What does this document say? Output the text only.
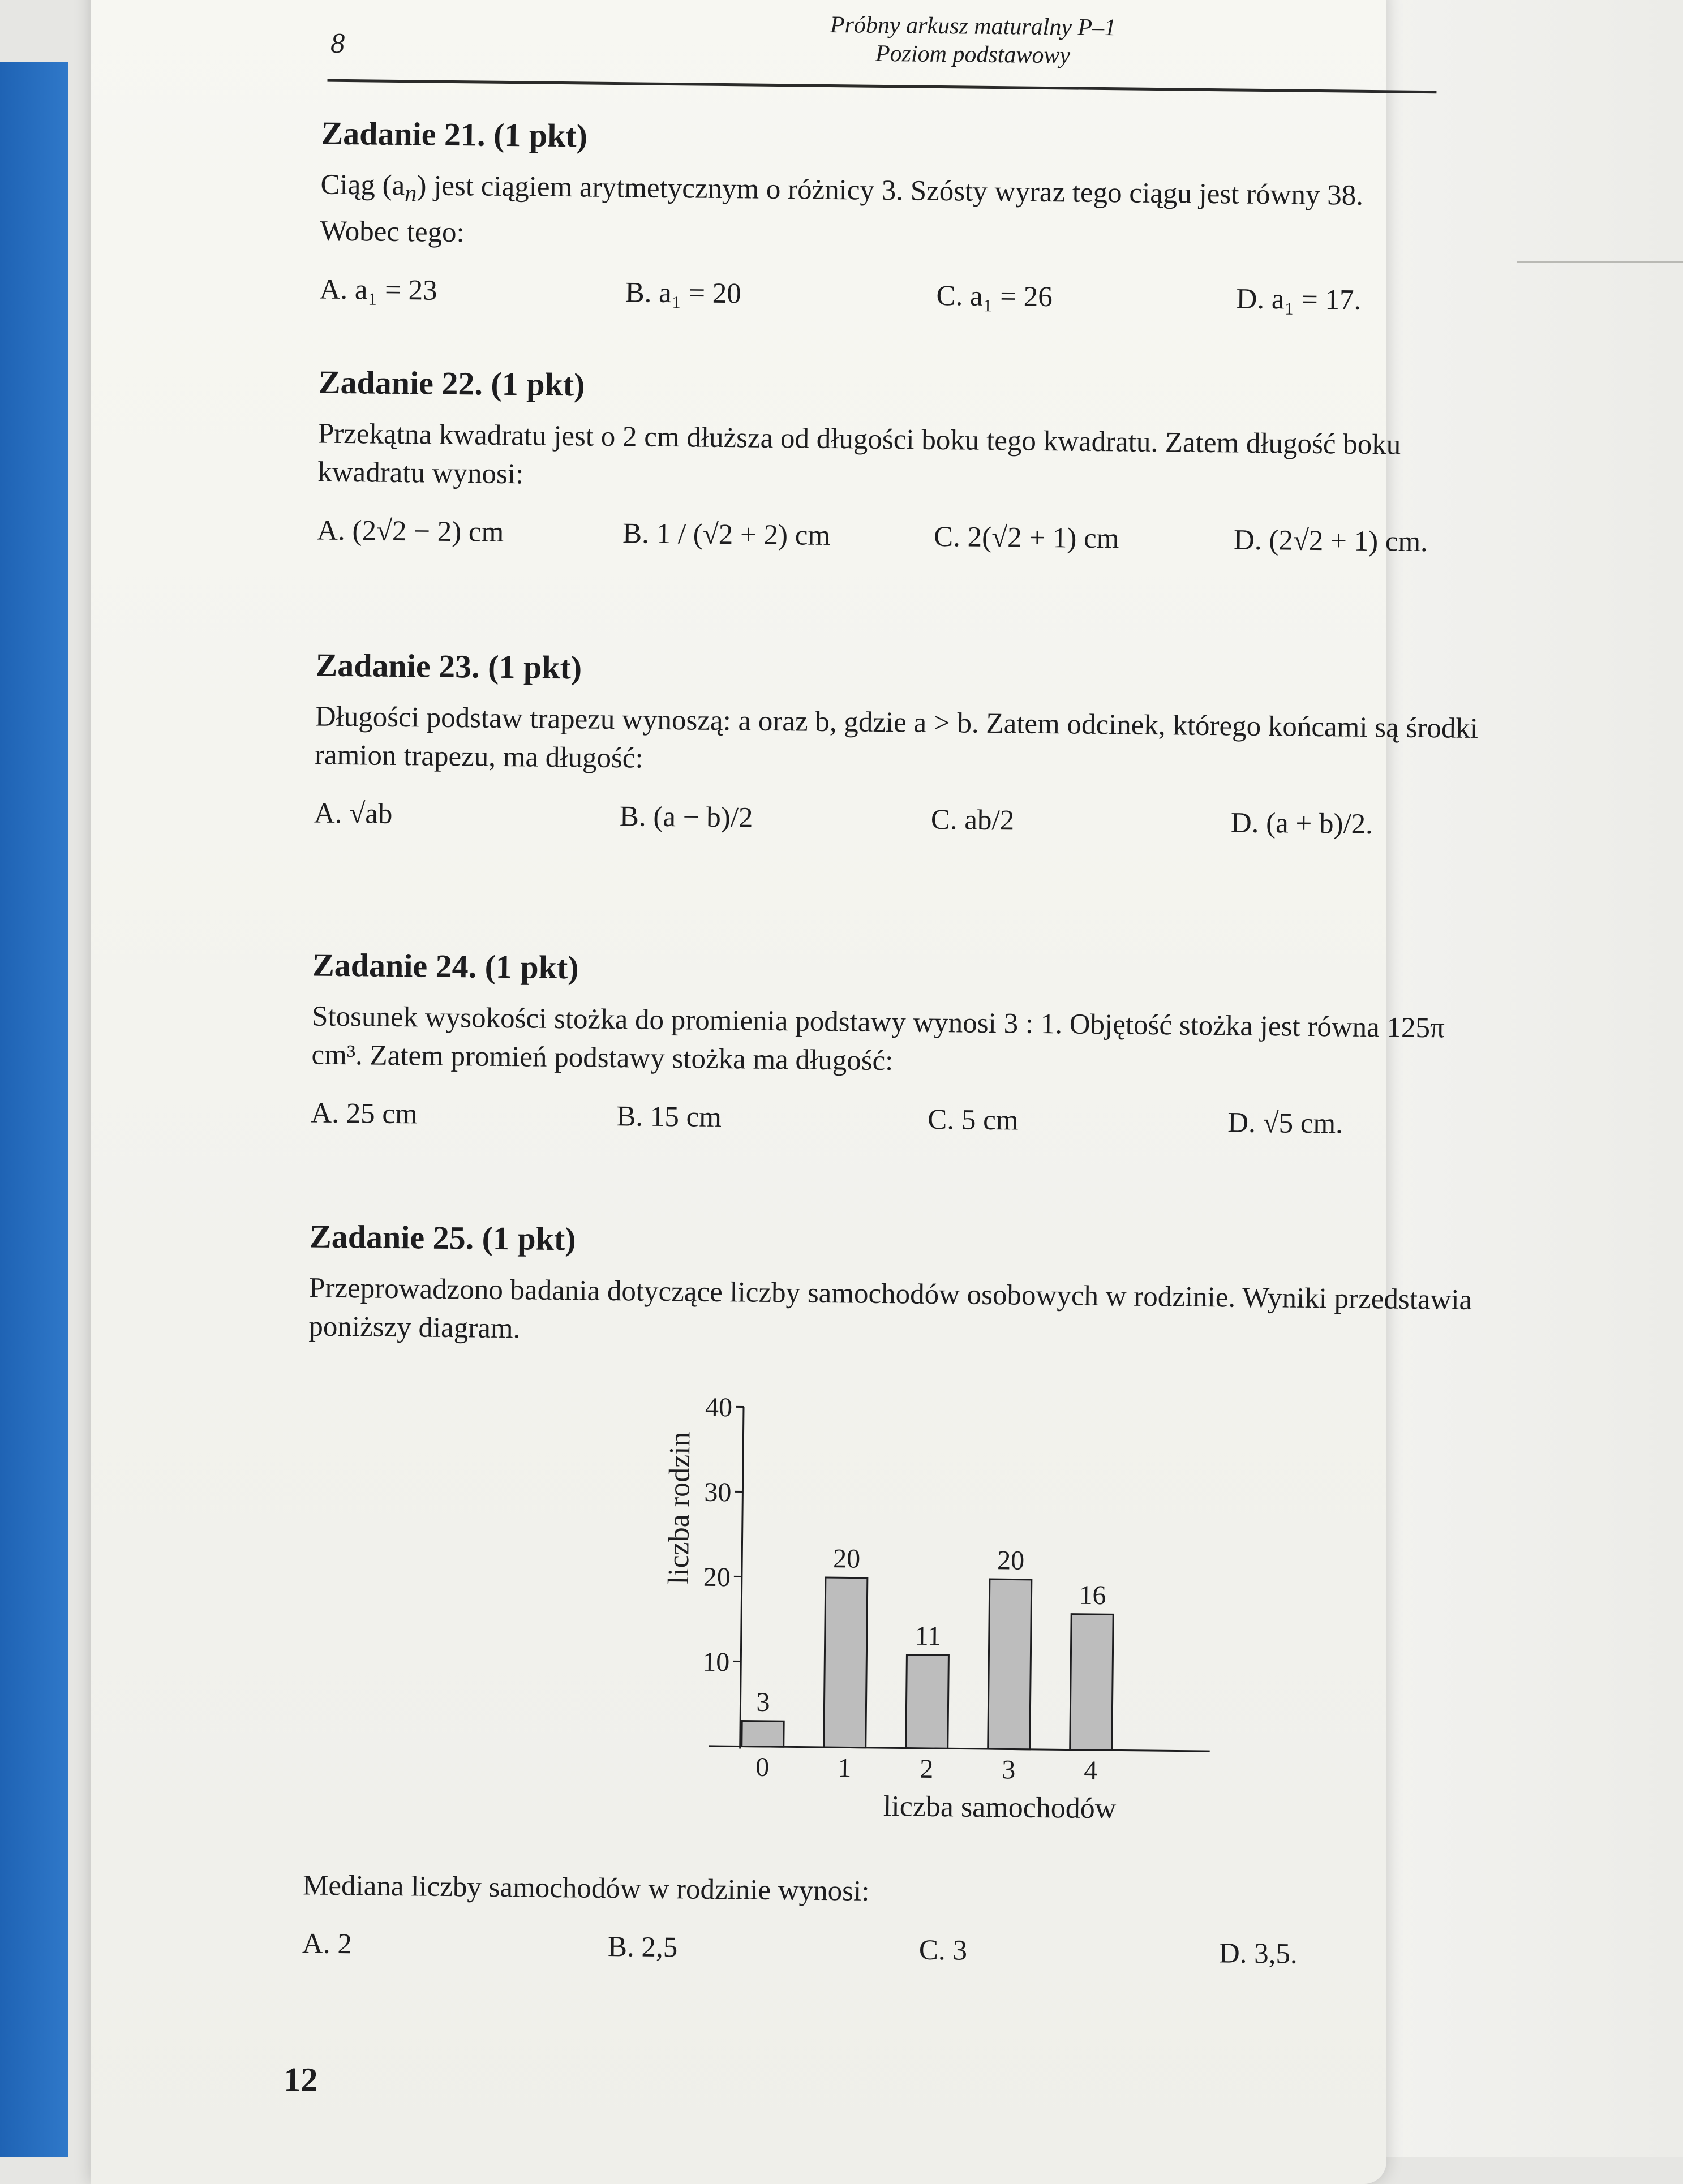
8
Próbny arkusz maturalny P–1
Poziom podstawowy
Zadanie 21. (1 pkt)

Ciąg $(a_n)$ jest ciągiem arytmetycznym o różnicy 3. Szósty wyraz tego ciągu jest równy 38.
Wobec tego:

A. a₁ = 23	B. a₁ = 20	C. a₁ = 26	D. a₁ = 17.
Zadanie 22. (1 pkt)

Przekątna kwadratu jest o 2 cm dłuższa od długości boku tego kwadratu. Zatem długość boku kwadratu wynosi:

A. (2√2 − 2) cm	B. 1 / (√2 + 2) cm	C. 2(√2 + 1) cm	D. (2√2 + 1) cm.
Zadanie 23. (1 pkt)

Długości podstaw trapezu wynoszą: a oraz b, gdzie a > b. Zatem odcinek, którego końcami są środki ramion trapezu, ma długość:

A. √ab	B. (a − b)/2	C. ab/2	D. (a + b)/2.
Zadanie 24. (1 pkt)

Stosunek wysokości stożka do promienia podstawy wynosi 3 : 1. Objętość stożka jest równa 125π cm³. Zatem promień podstawy stożka ma długość:

A. 25 cm	B. 15 cm	C. 5 cm	D. √5 cm.
Zadanie 25. (1 pkt)

Przeprowadzono badania dotyczące liczby samochodów osobowych w rodzinie. Wyniki przedstawia poniższy diagram.

10
20
30
40
3
0
20
1
11
2
20
3
16
4
liczba samochodów
liczba rodzin

Mediana liczby samochodów w rodzinie wynosi:

A. 2	B. 2,5	C. 3	D. 3,5.
12
